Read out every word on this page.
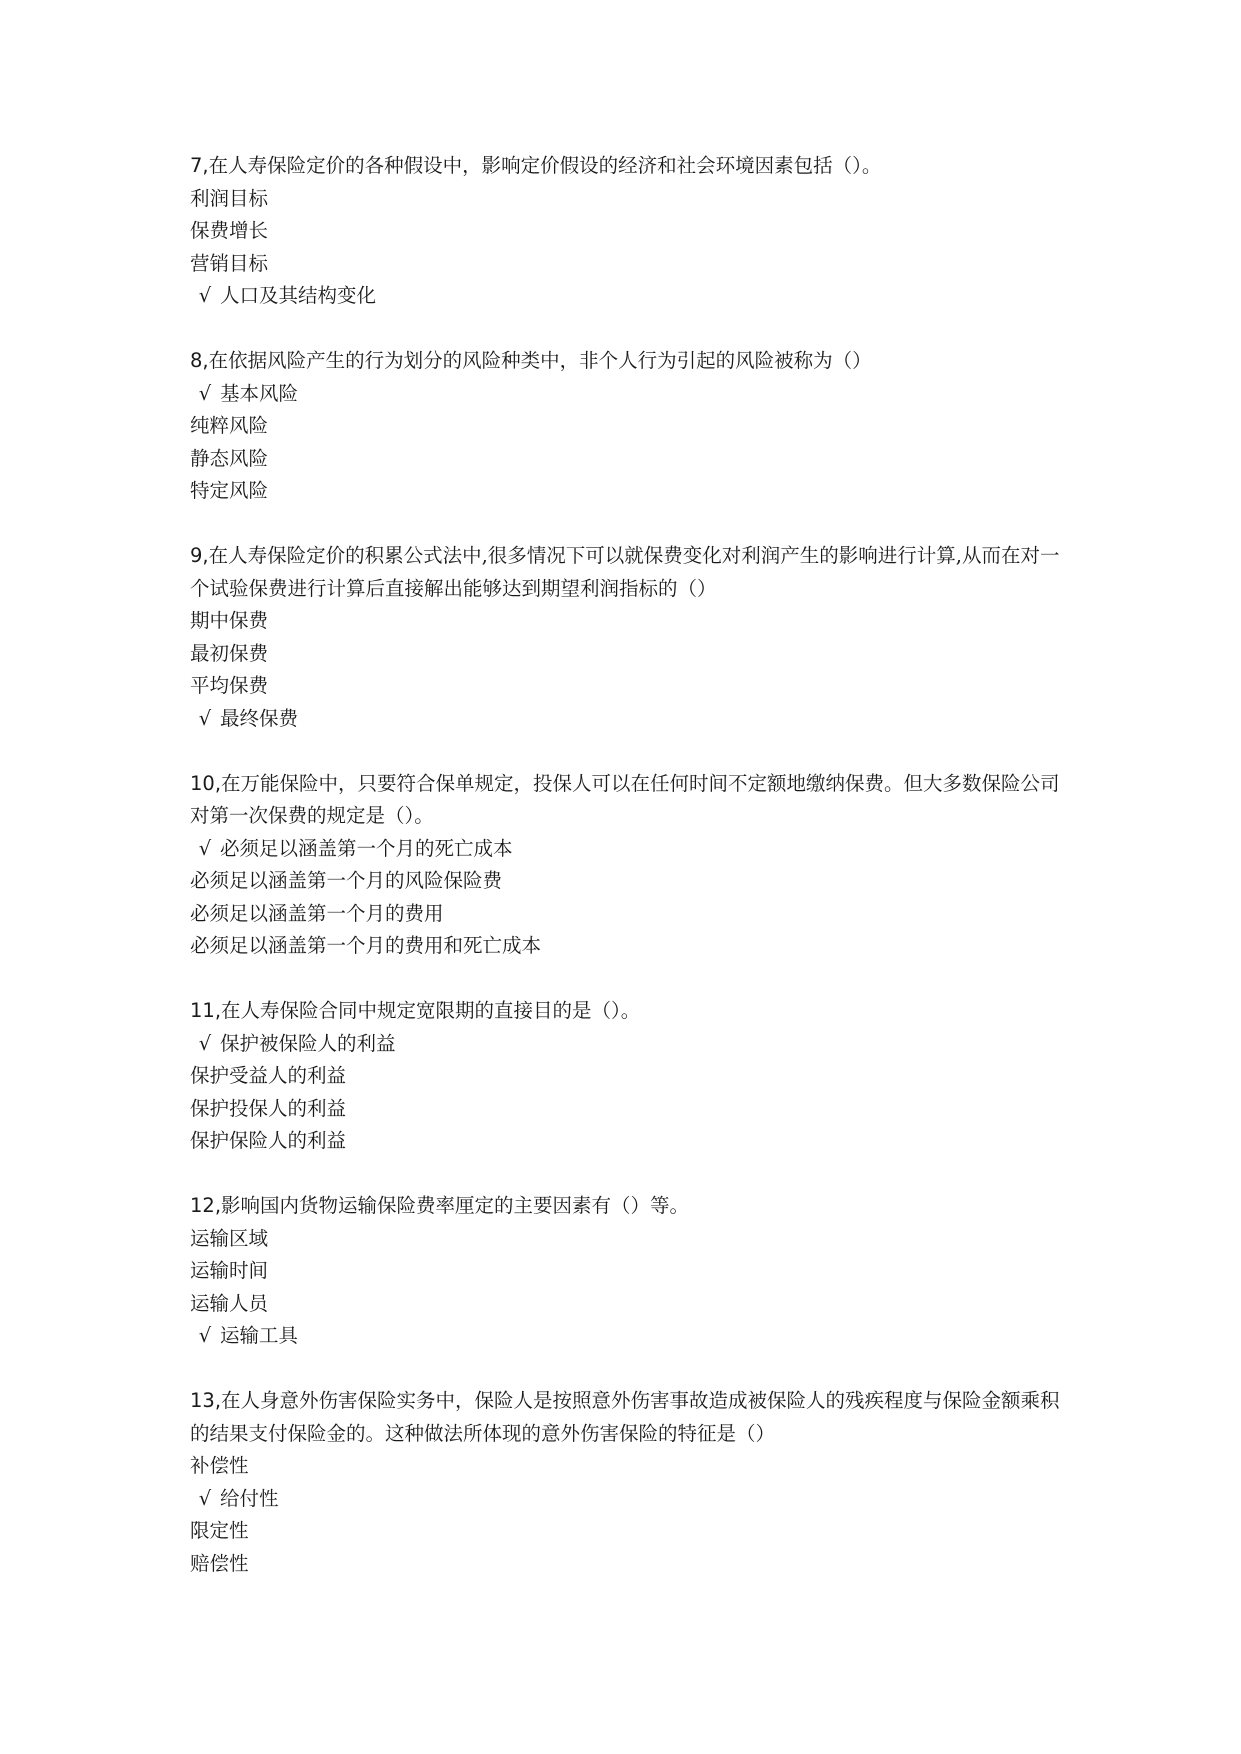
7,在人寿保险定价的各种假设中，影响定价假设的经济和社会环境因素包括（）。

利润目标
保费增长
营销目标
√ 人口及其结构变化

8,在依据风险产生的行为划分的风险种类中，非个人行为引起的风险被称为（）

√ 基本风险
纯粹风险
静态风险
特定风险

9,在人寿保险定价的积累公式法中,很多情况下可以就保费变化对利润产生的影响进行计算,从而在对一个试验保费进行计算后直接解出能够达到期望利润指标的（）

期中保费
最初保费
平均保费
√ 最终保费

10,在万能保险中，只要符合保单规定，投保人可以在任何时间不定额地缴纳保费。但大多数保险公司对第一次保费的规定是（）。

√ 必须足以涵盖第一个月的死亡成本
必须足以涵盖第一个月的风险保险费
必须足以涵盖第一个月的费用
必须足以涵盖第一个月的费用和死亡成本

11,在人寿保险合同中规定宽限期的直接目的是（）。

√ 保护被保险人的利益
保护受益人的利益
保护投保人的利益
保护保险人的利益

12,影响国内货物运输保险费率厘定的主要因素有（）等。

运输区域
运输时间
运输人员
√ 运输工具

13,在人身意外伤害保险实务中，保险人是按照意外伤害事故造成被保险人的残疾程度与保险金额乘积的结果支付保险金的。这种做法所体现的意外伤害保险的特征是（）

补偿性
√ 给付性
限定性
赔偿性
